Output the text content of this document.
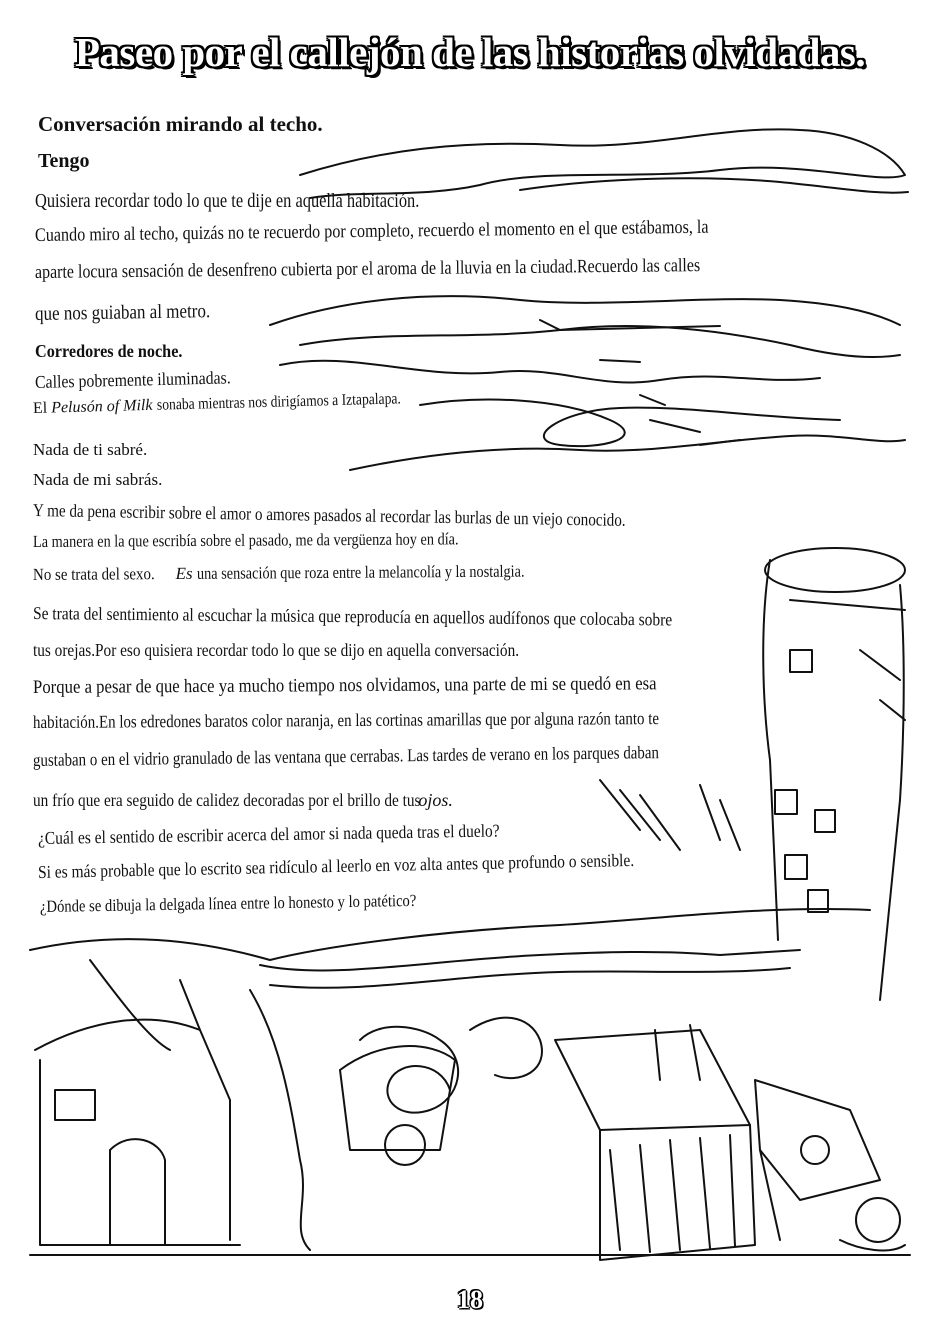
Paseo por el callejón de las historias olvidadas.
Conversación mirando al techo.
Tengo
Quisiera recordar todo lo que te dije en aquella habitación.
Cuando miro al techo, quizás no te recuerdo por completo, recuerdo el momento en el que estábamos, la
aparte locura sensación de desenfreno cubierta por el aroma de la lluvia en la ciudad.Recuerdo las calles
que nos guiaban al metro.
Corredores de noche.
Calles pobremente iluminadas.
El Pelusón of Milk sonaba mientras nos dirigíamos a Iztapalapa.
Nada de ti sabré.
Nada de mi sabrás.
Y me da pena escribir sobre el amor o amores pasados al recordar las burlas de un viejo conocido.
La manera en la que escribía sobre el pasado, me da vergüenza hoy en día.
No se trata del sexo. Es una sensación que roza entre la melancolía y la nostalgia.
Se trata del sentimiento al escuchar la música que reproducía en aquellos audífonos que colocaba sobre
tus orejas.Por eso quisiera recordar todo lo que se dijo en aquella conversación.
Porque a pesar de que hace ya mucho tiempo nos olvidamos, una parte de mi se quedó en esa
habitación.En los edredones baratos color naranja, en las cortinas amarillas que por alguna razón tanto te
gustaban o en el vidrio granulado de las ventana que cerrabas. Las tardes de verano en los parques daban
un frío que era seguido de calidez decoradas por el brillo de tus ojos.
¿Cuál es el sentido de escribir acerca del amor si nada queda tras el duelo?
Si es más probable que lo escrito sea ridículo al leerlo en voz alta antes que profundo o sensible.
¿Dónde se dibuja la delgada línea entre lo honesto y lo patético?
18
